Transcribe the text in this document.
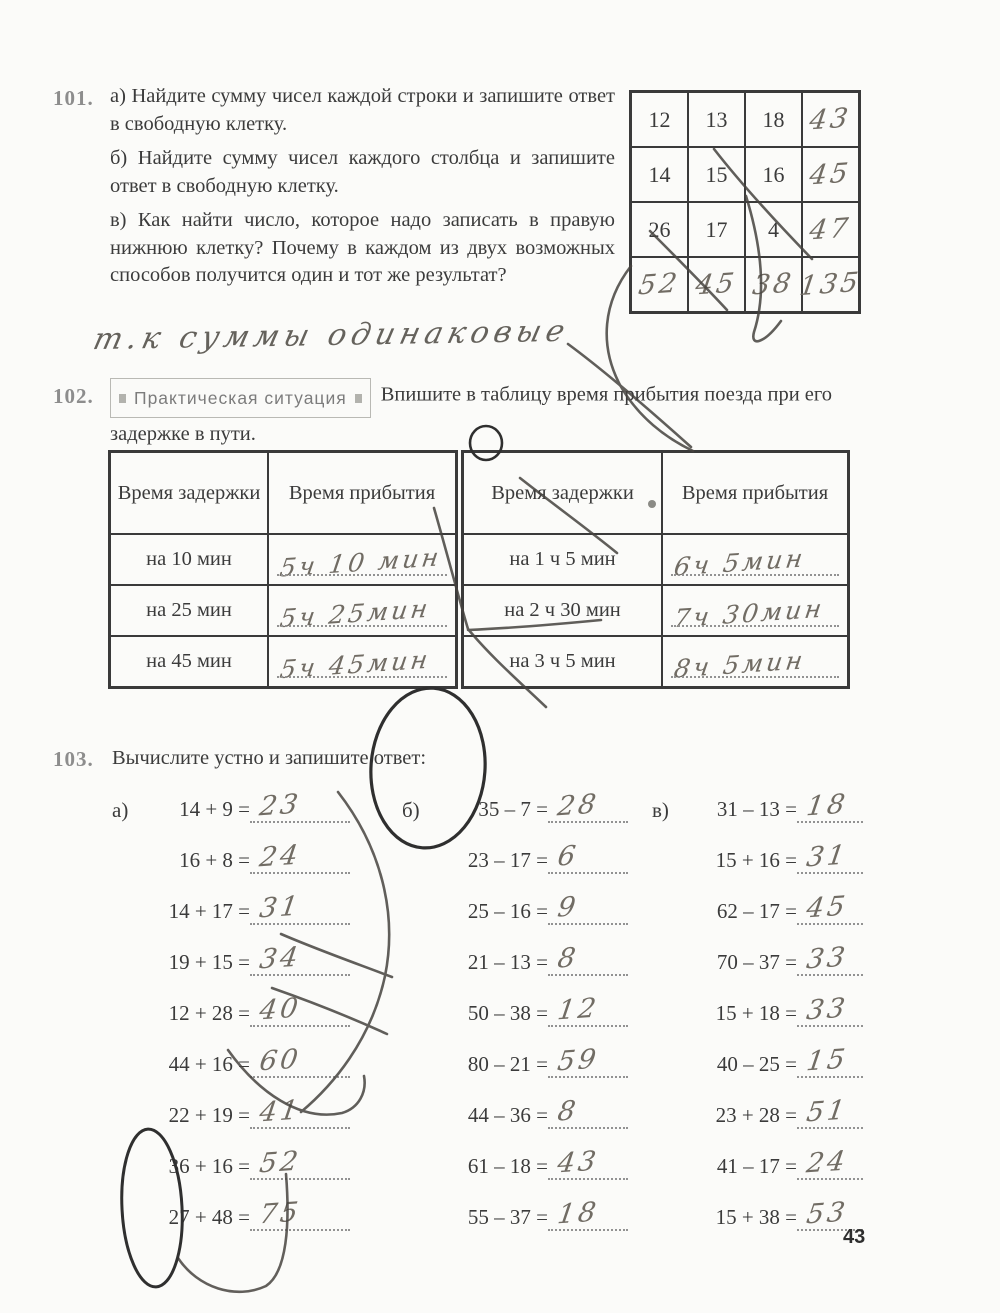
101. а) Найдите сумму чисел каждой строки и запишите ответ в свободную клетку.

б) Найдите сумму чисел каждого столбца и запишите ответ в свободную клетку.

в) Как найти число, которое надо записать в правую нижнюю клетку? Почему в каждом из двух возможных способов получится один и тот же результат?

12	13	18 43
14	15	16 45
26	17	4	47
52 45 38 135
т.к суммы одинаковые
102. Практическая ситуация Впишите в таблицу время прибытия поезда при его задержке в пути.
Время задержки Время прибытия
на 10 мин	5ч 10 мин
на 25 мин	5ч 25мин
на 45 мин	5ч 45мин
Время задержки Время прибытия
на 1 ч 5 мин	6ч 5мин
на 2 ч 30 мин	7ч 30мин
на 3 ч 5 мин	8ч 5мин
103. Вычислите устно и запишите ответ:
а)	14 + 9 = 23
16 + 8 = 24
14 + 17 = 31
19 + 15 = 34
12 + 28 = 40
44 + 16 = 60
22 + 19 = 41
36 + 16 = 52
27 + 48 = 75
б)	35 – 7 = 28
23 – 17 = 6
25 – 16 = 9
21 – 13 = 8
50 – 38 = 12
80 – 21 = 59
44 – 36 = 8
61 – 18 = 43
55 – 37 = 18
в)	31 – 13 = 18
15 + 16 = 31
62 – 17 = 45
70 – 37 = 33
15 + 18 = 33
40 – 25 = 15
23 + 28 = 51
41 – 17 = 24
15 + 38 = 53
43
